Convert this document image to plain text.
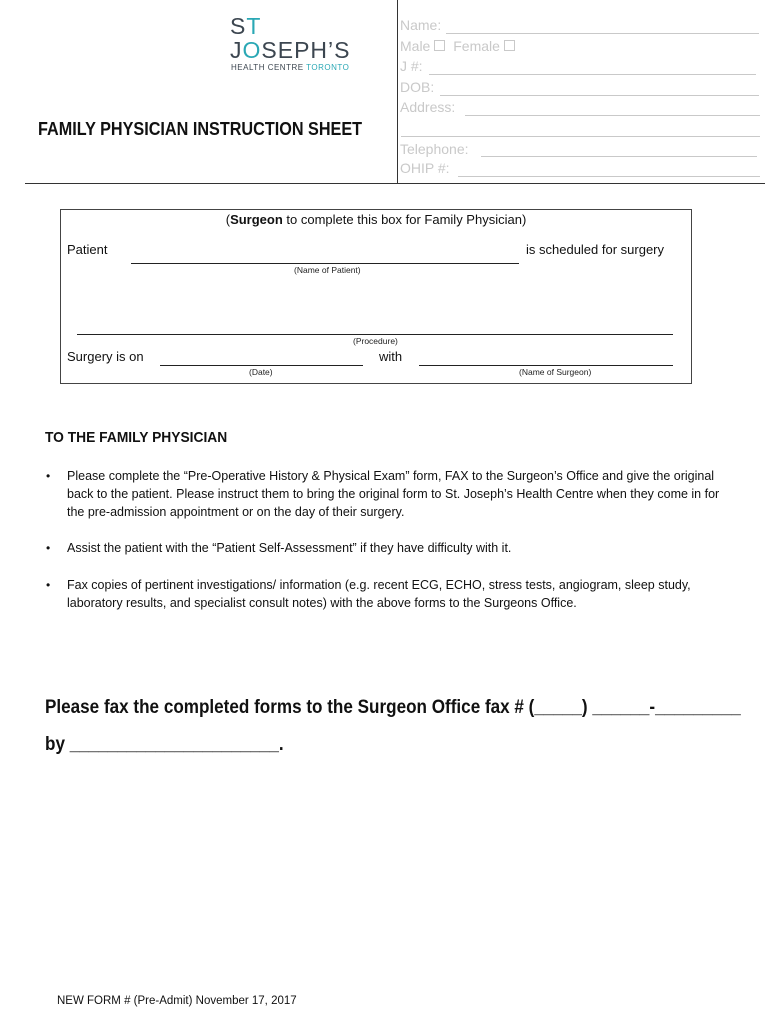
ST
JOSEPH’S
HEALTH CENTRE TORONTO
FAMILY PHYSICIAN INSTRUCTION SHEET
Name:
Male Female
J #:
DOB:
Address:
Telephone:
OHIP #:
(Surgeon to complete this box for Family Physician)
Patient	is scheduled for surgery
(Name of Patient)
(Procedure)
Surgery is on	with
(Date)	(Name of Surgeon)
TO THE FAMILY PHYSICIAN
• Please complete the “Pre-Operative History & Physical Exam” form, FAX to the Surgeon’s Office and give the original back to the patient. Please instruct them to bring the original form to St. Joseph’s Health Centre when they come in for the pre-admission appointment or on the day of their surgery.
• Assist the patient with the “Patient Self-Assessment” if they have difficulty with it.
• Fax copies of pertinent investigations/ information (e.g. recent ECG, ECHO, stress tests, angiogram, sleep study, laboratory results, and specialist consult notes) with the above forms to the Surgeons Office.
Please fax the completed forms to the Surgeon Office fax # (_____) ______-_________
by ______________________.
NEW FORM # (Pre-Admit) November 17, 2017
